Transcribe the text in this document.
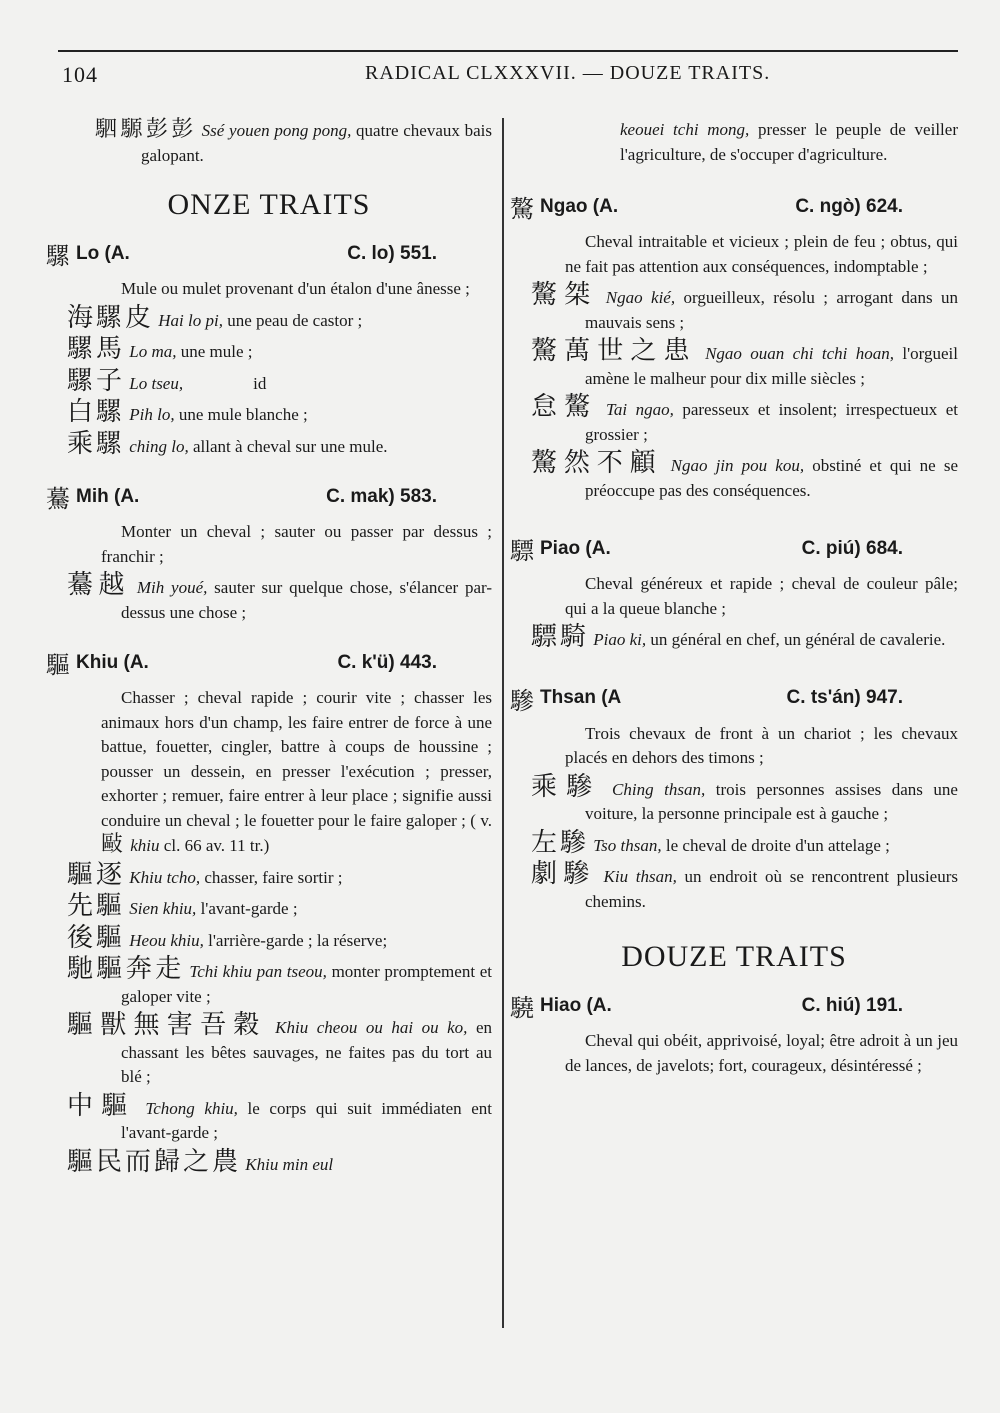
104	RADICAL CLXXXVII. — DOUZE TRAITS.

駟騵彭彭 Ssé youen pong pong, quatre chevaux bais galopant.

ONZE TRAITS
騾 Lo (A.	C. lo) 551.

Mule ou mulet provenant d'un étalon d'une ânesse ;

海騾皮 Hai lo pi, une peau de castor ;

騾馬 Lo ma, une mule ;

騾子 Lo tseu,	id

白騾 Pih lo, une mule blanche ;

乘騾 ching lo, allant à cheval sur une mule.

驀 Mih (A.	C. mak) 583.

Monter un cheval ; sauter ou passer par dessus ; franchir ;

驀越 Mih youé, sauter sur quelque chose, s'élancer par-dessus une chose ;

驅 Khiu (A.	C. k'ü) 443.

Chasser ; cheval rapide ; courir vite ; chasser les animaux hors d'un champ, les faire entrer de force à une battue, fouetter, cingler, battre à coups de houssine ; pousser un dessein, en presser l'exécution ; presser, exhorter ; remuer, faire entrer à leur place ; signifie aussi conduire un cheval ; le fouetter pour le faire galoper ; ( v. 敺 khiu cl. 66 av. 11 tr.)

驅逐 Khiu tcho, chasser, faire sortir ;

先驅 Sien khiu, l'avant-garde ;

後驅 Heou khiu, l'arrière-garde ; la réserve;

馳驅奔走 Tchi khiu pan tseou, monter promptement et galoper vite ;

驅獸無害吾穀 Khiu cheou ou hai ou ko, en chassant les bêtes sauvages, ne faites pas du tort au blé ;

中驅 Tchong khiu, le corps qui suit immédiaten ent l'avant-garde ;

驅民而歸之農 Khiu min eul

keouei tchi mong, presser le peuple de veiller l'agriculture, de s'occuper d'agriculture.

驁 Ngao (A.	C. ngò) 624.

Cheval intraitable et vicieux ; plein de feu ; obtus, qui ne fait pas attention aux conséquences, indomptable ;

驁桀 Ngao kié, orgueilleux, résolu ; arrogant dans un mauvais sens ;

驁萬世之患 Ngao ouan chi tchi hoan, l'orgueil amène le malheur pour dix mille siècles ;

怠驁 Tai ngao, paresseux et insolent; irrespectueux et grossier ;

驁然不顧 Ngao jin pou kou, obstiné et qui ne se préoccupe pas des conséquences.

驃 Piao (A.	C. piú) 684.

Cheval généreux et rapide ; cheval de couleur pâle; qui a la queue blanche ;

驃騎 Piao ki, un général en chef, un général de cavalerie.

驂 Thsan (A	C. ts'án) 947.

Trois chevaux de front à un chariot ; les chevaux placés en dehors des timons ;

乘驂 Ching thsan, trois personnes assises dans une voiture, la personne principale est à gauche ;

左驂 Tso thsan, le cheval de droite d'un attelage ;

劇驂 Kiu thsan, un endroit où se rencontrent plusieurs chemins.

DOUZE TRAITS
驍 Hiao (A.	C. hiú) 191.

Cheval qui obéit, apprivoisé, loyal; être adroit à un jeu de lances, de javelots; fort, courageux, désintéressé ;
